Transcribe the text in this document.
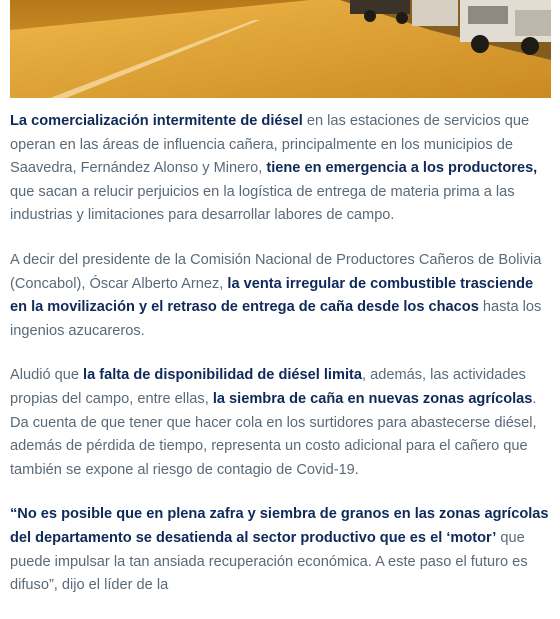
La comercialización intermitente de diésel en las estaciones de servicios que operan en las áreas de influencia cañera, principalmente en los municipios de Saavedra, Fernández Alonso y Minero, tiene en emergencia a los productores, que sacan a relucir perjuicios en la logística de entrega de materia prima a las industrias y limitaciones para desarrollar labores de campo.

A decir del presidente de la Comisión Nacional de Productores Cañeros de Bolivia (Concabol), Óscar Alberto Arnez, la venta irregular de combustible trasciende en la movilización y el retraso de entrega de caña desde los chacos hasta los ingenios azucareros.

Aludió que la falta de disponibilidad de diésel limita, además, las actividades propias del campo, entre ellas, la siembra de caña en nuevas zonas agrícolas. Da cuenta de que tener que hacer cola en los surtidores para abastecerse diésel, además de pérdida de tiempo, representa un costo adicional para el cañero que también se expone al riesgo de contagio de Covid-19.

“No es posible que en plena zafra y siembra de granos en las zonas agrícolas del departamento se desatienda al sector productivo que es el ‘motor’ que puede impulsar la tan ansiada recuperación económica. A este paso el futuro es difuso”, dijo el líder de la
